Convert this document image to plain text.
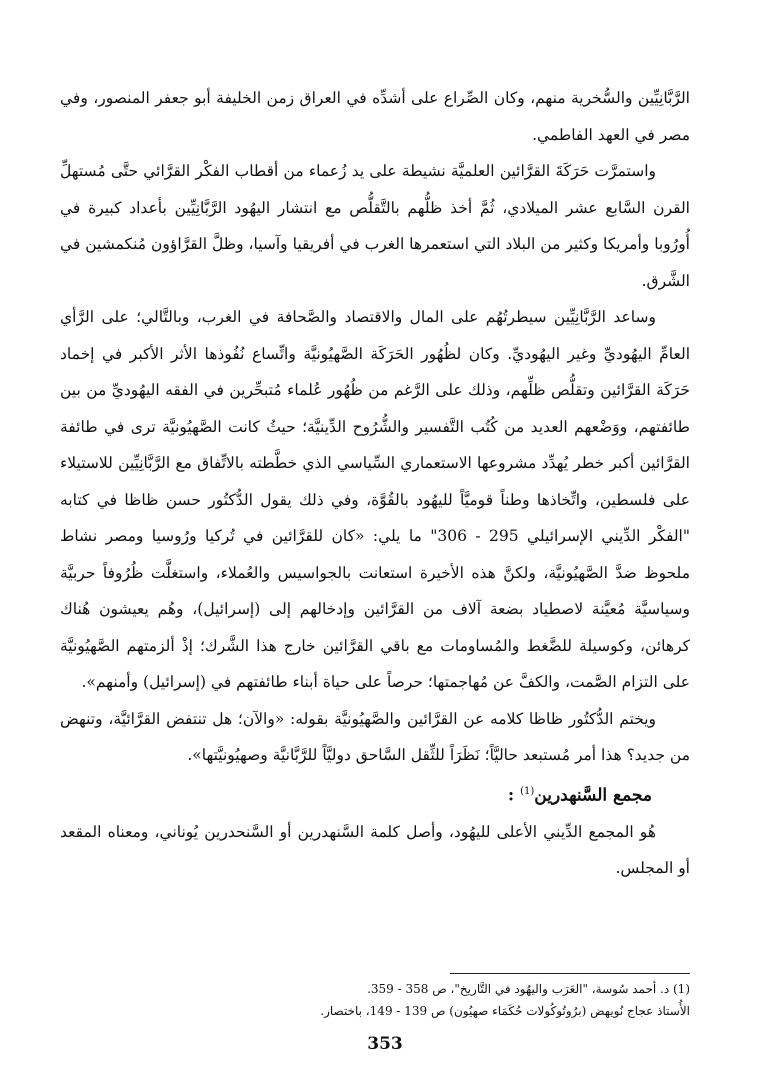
الرَّبَّانِيِّين والسُّخرية منهم، وكان الصِّراع على أشدِّه في العراق زمن الخليفة أبو جعفر المنصور، وفي مصر في العهد الفاطمي.

واستمرَّت حَرَكَةَ القرَّائين العلميَّة نشيطة على يد زُعماء من أقطاب الفكْر القرَّائي حتَّى مُستهلِّ القرن السَّابع عشر الميلادي، ثُمَّ أخذ ظلُّهم بالتَّقلُّص مع انتشار اليهُود الرَّبَّانِيِّين بأعداد كبيرة في أُورُوبا وأمريكا وكثير من البلاد التي استعمرها الغرب في أفريقيا وآسيا، وظلَّ القرَّاؤون مُنكمشين في الشَّرق.

وساعد الرَّبَّانِيِّين سيطرتُهُم على المال والاقتصاد والصَّحافة في الغرب، وبالتَّالي؛ على الرَّأي العامِّ اليهُوديِّ وغير اليهُوديِّ. وكان لظُهُور الحَرَكَة الصَّهيُونيَّة واتِّساع نُفُوذها الأثر الأكبر في إخماد حَرَكَة القرَّائين وتقلُّص ظلِّهم، وذلك على الرَّغم من ظُهُور عُلماء مُتبحِّرين في الفقه اليهُوديِّ من بين طائفتهم، ووَضْعهم العديد من كُتُب التَّفسير والشُّرُوح الدِّينيَّة؛ حيثُ كانت الصَّهيُونيَّة ترى في طائفة القرَّائين أكبر خطر يُهدِّد مشروعها الاستعماري السِّياسي الذي خطَّطته بالاتِّفاق مع الرَّبَّانِيِّين للاستيلاء على فلسطين، واتِّخاذها وطناً قوميَّاً لليهُود بالقُوَّة، وفي ذلك يقول الدُّكتُور حسن ظاظا في كتابه "الفكْر الدِّيني الإسرائيلي 295 - 306" ما يلي: «كان للقرَّائين في تُركيا ورُوسيا ومصر نشاط ملحوظ ضدَّ الصَّهيُونيَّة، ولكنَّ هذه الأخيرة استعانت بالجواسيس والعُملاء، واستغلَّت ظُرُوفاً حربيَّة وسياسيَّة مُعيَّنة لاصطياد بضعة آلاف من القرَّائين وإدخالهم إلى (إسرائيل)، وهُم يعيشون هُناك كرهائن، وكوسيلة للضَّغط والمُساومات مع باقي القرَّائين خارج هذا الشَّرك؛ إذْ ألزمتهم الصَّهيُونيَّة على التزام الصَّمت، والكفَّ عن مُهاجمتها؛ حرصاً على حياة أبناء طائفتهم في (إسرائيل) وأمنهم».

ويختم الدُّكتُور ظاظا كلامه عن القرَّائين والصَّهيُونيَّة بقوله: «والآن؛ هل تنتفض القرَّائيَّة، وتنهض من جديد؟ هذا أمر مُستبعد حاليَّاً؛ نَظَرَاً للثِّقل السَّاحق دوليَّاً للرَّبَّانيَّة وصهيُونيَّتها».

مجمع السَّنهدرين$^{(1)}$ :

هُو المجمع الدِّيني الأعلى لليهُود، وأصل كلمة السَّنهدرين أو السَّنحدرين يُوناني، ومعناه المقعد أو المجلس.

(1) د. أحمد سُوسة، "العَرَب واليهُود في التَّاريخ"، ص 358 - 359.

الأُستاذ عجاج نُويهض (برُوتُوكُولات حُكَمَاء صهيُون) ص 139 - 149، باختصار.

353
